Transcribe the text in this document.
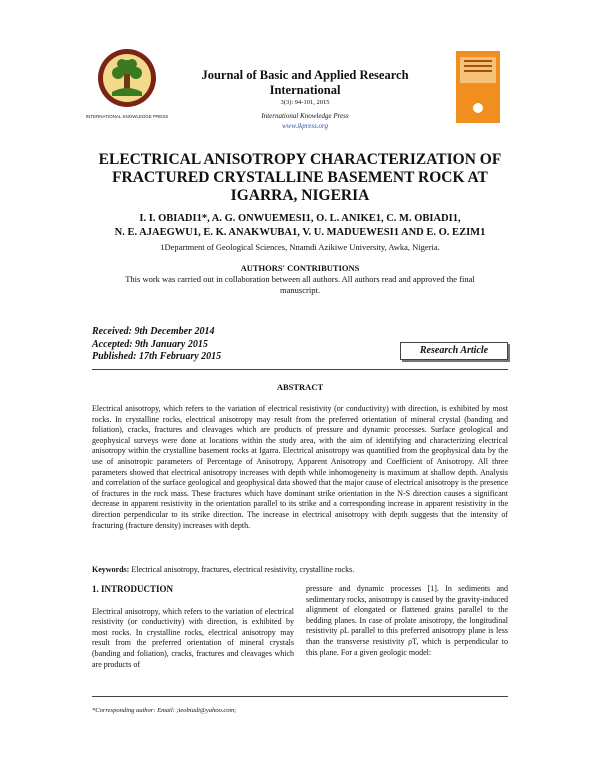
INTERNATIONAL KNOWLEDGE PRESS
Journal of Basic and Applied Research International
3(3): 94-101, 2015
International Knowledge Press
www.ikpress.org
ELECTRICAL ANISOTROPY CHARACTERIZATION OF FRACTURED CRYSTALLINE BASEMENT ROCK AT IGARRA, NIGERIA
I. I. OBIADI1*, A. G. ONWUEMESI1, O. L. ANIKE1, C. M. OBIADI1,
N. E. AJAEGWU1, E. K. ANAKWUBA1, V. U. MADUEWESI1 AND E. O. EZIM1
1Department of Geological Sciences, Nnamdi Azikiwe University, Awka, Nigeria.
AUTHORS' CONTRIBUTIONS
This work was carried out in collaboration between all authors. All authors read and approved the final manuscript.
Received: 9th December 2014
Accepted: 9th January 2015
Published: 17th February 2015
Research Article
ABSTRACT
Electrical anisotropy, which refers to the variation of electrical resistivity (or conductivity) with direction, is exhibited by most rocks. In crystalline rocks, electrical anisotropy may result from the preferred orientation of mineral crystal (banding and foliation), cracks, fractures and cleavages which are products of pressure and dynamic processes. Surface geological and geophysical surveys were done at locations within the study area, with the aim of identifying and characterizing electrical anisotropy within the crystalline basement rocks at Igarra. Electrical anisotropy was quantified from the geophysical data by the use of anisotropic parameters of Percentage of Anisotropy, Apparent Anisotropy and Coefficient of Anisotropy. All three parameters showed that electrical anisotropy increases with depth while inhomogeneity is maximum at shallow depth. Analysis and correlation of the surface geological and geophysical data showed that the major cause of electrical anisotropy is the presence of fractures in the rock mass. These fractures which have dominant strike orientation in the N-S direction causes a significant decrease in apparent resistivity in the orientation parallel to its strike and a corresponding increase in apparent resistivity in the direction perpendicular to its strike direction. The increase in electrical anisotropy with depth suggests that the intensity of fracturing (fracture density) increases with depth.
Keywords: Electrical anisotropy, fractures, electrical resistivity, crystalline rocks.
1. INTRODUCTION

Electrical anisotropy, which refers to the variation of electrical resistivity (or conductivity) with direction, is exhibited by most rocks. In crystalline rocks, electrical anisotropy may result from the preferred orientation of mineral crystals (banding and foliation), cracks, fractures and cleavages which are products of

pressure and dynamic processes [1]. In sediments and sedimentary rocks, anisotropy is caused by the gravity-induced alignment of elongated or flattened grains parallel to the bedding planes. In case of prolate anisotropy, the longitudinal resistivity ρL parallel to this preferred anisotropy plane is less than the transverse resistivity ρT, which is perpendicular to this plane. For a given geologic model:

*Corresponding author: Email: ;ieobiadi@yahoo.com;
